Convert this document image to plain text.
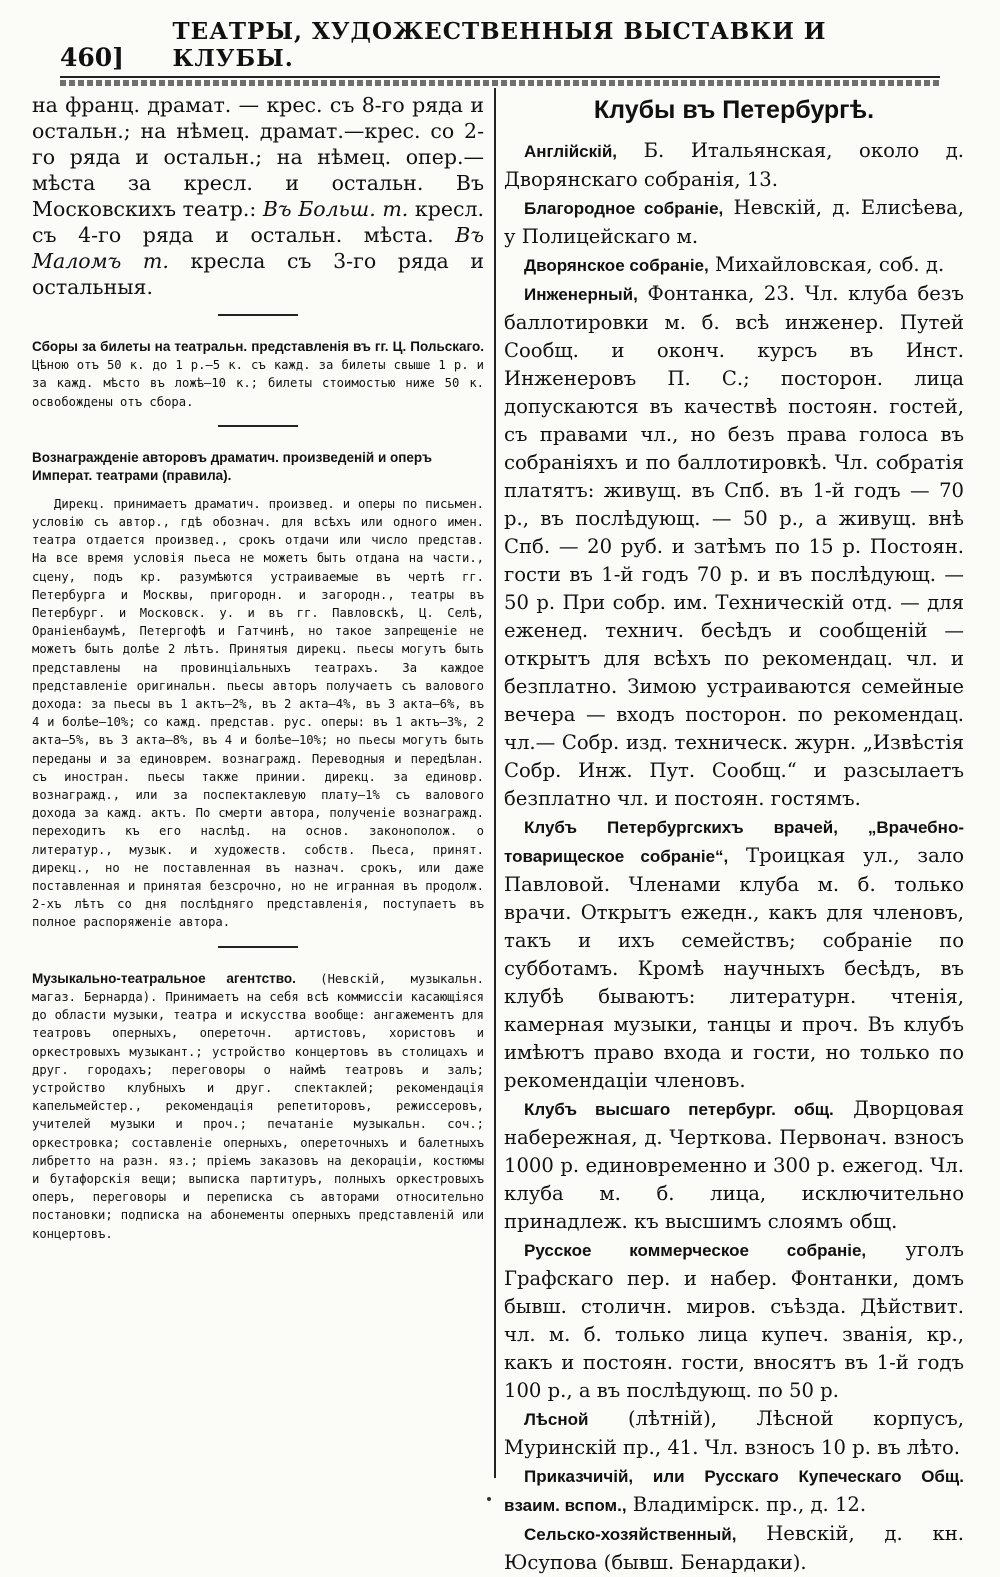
460]
ТЕАТРЫ, ХУДОЖЕСТВЕННЫЯ ВЫСТАВКИ И КЛУБЫ.

на франц. драмат. — крес. съ 8-го ряда и остальн.; на нѣмец. драмат.—крес. со 2-го ряда и остальн.; на нѣмец. опер.— мѣста за кресл. и остальн. Въ Московскихъ театр.: Въ Больш. т. кресл. съ 4-го ряда и остальн. мѣста. Въ Маломъ т. кресла съ 3-го ряда и остальныя.

Сборы за билеты на театральн. представленія въ гг. Ц. Польскаго. Цѣною отъ 50 к. до 1 р.—5 к. съ кажд. за билеты свыше 1 р. и за кажд. мѣсто въ ложѣ—10 к.; билеты стоимостью ниже 50 к. освобождены отъ сбора.

Вознагражденіе авторовъ драматич. произведеній и оперъ Императ. театрами (правила).

Дирекц. принимаетъ драматич. произвед. и оперы по письмен. условію съ автор., гдѣ обознач. для всѣхъ или одного имен. театра отдается произвед., срокъ отдачи или число представ. На все время условія пьеса не можетъ быть отдана на части., сцену, подъ кр. разумѣются устраиваемые въ чертѣ гг. Петербурга и Москвы, пригородн. и загородн., театры въ Петербург. и Московск. у. и въ гг. Павловскѣ, Ц. Селѣ, Ораніенбаумѣ, Петергофѣ и Гатчинѣ, но такое запрещеніе не можетъ быть долѣе 2 лѣтъ. Принятыя дирекц. пьесы могутъ быть представлены на провинціальныхъ театрахъ. За каждое представленіе оригинальн. пьесы авторъ получаетъ съ валового дохода: за пьесы въ 1 актъ—2%, въ 2 акта—4%, въ 3 акта—6%, въ 4 и болѣе—10%; со кажд. представ. рус. оперы: въ 1 актъ—3%, 2 акта—5%, въ 3 акта—8%, въ 4 и болѣе—10%; но пьесы могутъ быть переданы и за единоврем. вознагражд. Переводныя и передѣлан. съ иностран. пьесы также принии. дирекц. за единовр. вознагражд., или за поспектаклевую плату—1% съ валового дохода за кажд. актъ. По смерти автора, полученіе вознагражд. переходитъ къ его наслѣд. на основ. законополож. о литератур., музык. и художеств. собств. Пьеса, принят. дирекц., но не поставленная въ назнач. срокъ, или даже поставленная и принятая безсрочно, но не игранная въ продолж. 2-хъ лѣтъ со дня послѣдняго представленія, поступаетъ въ полное распоряженіе автора.

Музыкально-театральное агентство. (Невскій, музыкальн. магаз. Бернарда). Принимаетъ на себя всѣ коммиссіи касающіяся до области музыки, театра и искусства вообще: ангажементъ для театровъ оперныхъ, опереточн. артистовъ, хористовъ и оркестровыхъ музыкант.; устройство концертовъ въ столицахъ и друг. городахъ; переговоры о наймѣ театровъ и залъ; устройство клубныхъ и друг. спектаклей; рекомендація капельмейстер., рекомендація репетиторовъ, режиссеровъ, учителей музыки и проч.; печатаніе музыкальн. соч.; оркестровка; составленіе оперныхъ, опереточныхъ и балетныхъ либретто на разн. яз.; пріемъ заказовъ на декораціи, костюмы и бутафорскія вещи; выписка партитуръ, полныхъ оркестровыхъ оперъ, переговоры и переписка съ авторами относительно постановки; подписка на абонементы оперныхъ представленій или концертовъ.

Клубы въ Петербургѣ.

Англійскій, Б. Итальянская, около д. Дворянскаго собранія, 13.

Благородное собраніе, Невскій, д. Елисѣева, у Полицейскаго м.

Дворянское собраніе, Михайловская, соб. д.

Инженерный, Фонтанка, 23. Чл. клуба безъ баллотировки м. б. всѣ инженер. Путей Сообщ. и оконч. курсъ въ Инст. Инженеровъ П. С.; посторон. лица допускаются въ качествѣ постоян. гостей, съ правами чл., но безъ права голоса въ собраніяхъ и по баллотировкѣ. Чл. собратія платятъ: живущ. въ Спб. въ 1-й годъ — 70 р., въ послѣдующ. — 50 р., а живущ. внѣ Спб. — 20 руб. и затѣмъ по 15 р. Постоян. гости въ 1-й годъ 70 р. и въ послѣдующ. — 50 р. При собр. им. Техническій отд. — для еженед. технич. бесѣдъ и сообщеній — открытъ для всѣхъ по рекомендац. чл. и безплатно. Зимою устраиваются семейные вечера — входъ посторон. по рекомендац. чл.— Собр. изд. техническ. журн. „Извѣстія Собр. Инж. Пут. Сообщ.“ и разсылаетъ безплатно чл. и постоян. гостямъ.

Клубъ Петербургскихъ врачей, „Врачебно-товарищеское собраніе“, Троицкая ул., зало Павловой. Членами клуба м. б. только врачи. Открытъ ежедн., какъ для членовъ, такъ и ихъ семействъ; собраніе по субботамъ. Кромѣ научныхъ бесѣдъ, въ клубѣ бываютъ: литературн. чтенія, камерная музыки, танцы и проч. Въ клубъ имѣютъ право входа и гости, но только по рекомендаціи членовъ.

Клубъ высшаго петербург. общ. Дворцовая набережная, д. Черткова. Первонач. взносъ 1000 р. единовременно и 300 р. ежегод. Чл. клуба м. б. лица, исключительно принадлеж. къ высшимъ слоямъ общ.

Русское коммерческое собраніе, уголъ Графскаго пер. и набер. Фонтанки, домъ бывш. столичн. миров. съѣзда. Дѣйствит. чл. м. б. только лица купеч. званія, кр., какъ и постоян. гости, вносятъ въ 1-й годъ 100 р., а въ послѣдующ. по 50 р.

Лѣсной (лѣтній), Лѣсной корпусъ, Муринскій пр., 41. Чл. взносъ 10 р. въ лѣто.

Приказчичій, или Русскаго Купеческаго Общ. взаим. вспом., Владимірск. пр., д. 12.

Сельско-хозяйственный, Невскій, д. кн. Юсупова (бывш. Бенардаки).
